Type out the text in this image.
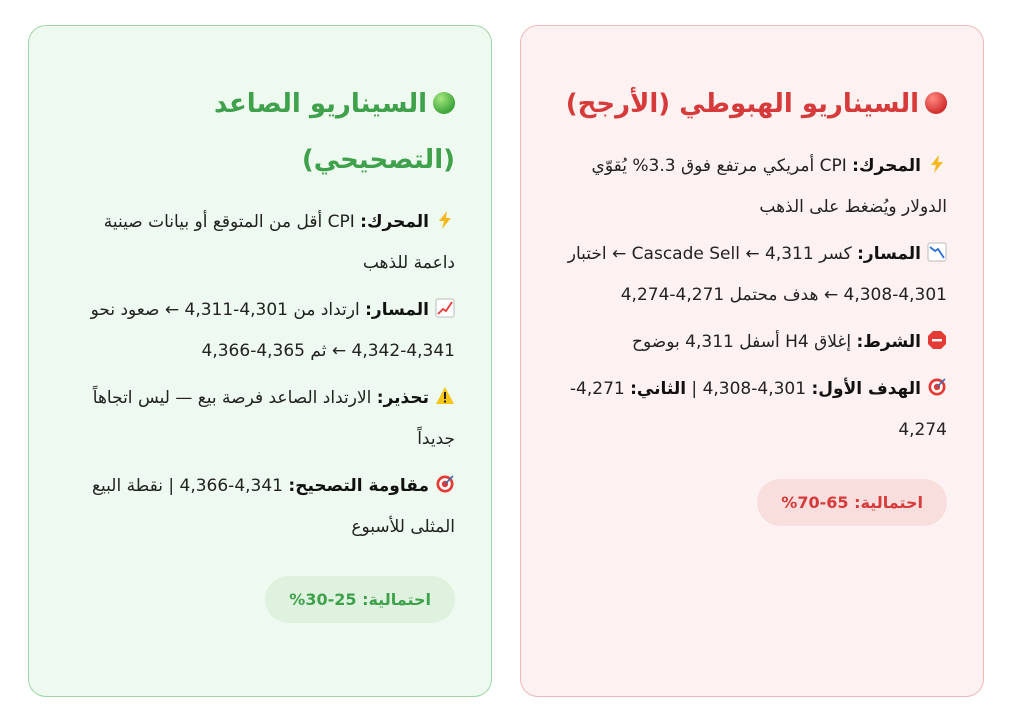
السيناريو الهبوطي (الأرجح)
المحرك: CPI أمريكي مرتفع فوق 3.3% يُقوّي الدولار ويُضغط على الذهب
المسار: كسر 4,311 ← Cascade Sell ← اختبار 4,301-4,308 ← هدف محتمل 4,271-4,274
الشرط: إغلاق H4 أسفل 4,311 بوضوح
الهدف الأول: 4,301-4,308 | الثاني: 4,271-4,274
احتمالية: 65-70%
السيناريو الصاعد (التصحيحي)
المحرك: CPI أقل من المتوقع أو بيانات صينية داعمة للذهب
المسار: ارتداد من 4,301-4,311 ← صعود نحو 4,341-4,342 ← ثم 4,365-4,366
تحذير: الارتداد الصاعد فرصة بيع — ليس اتجاهاً جديداً
مقاومة التصحيح: 4,341-4,366 | نقطة البيع المثلى للأسبوع
احتمالية: 25-30%
